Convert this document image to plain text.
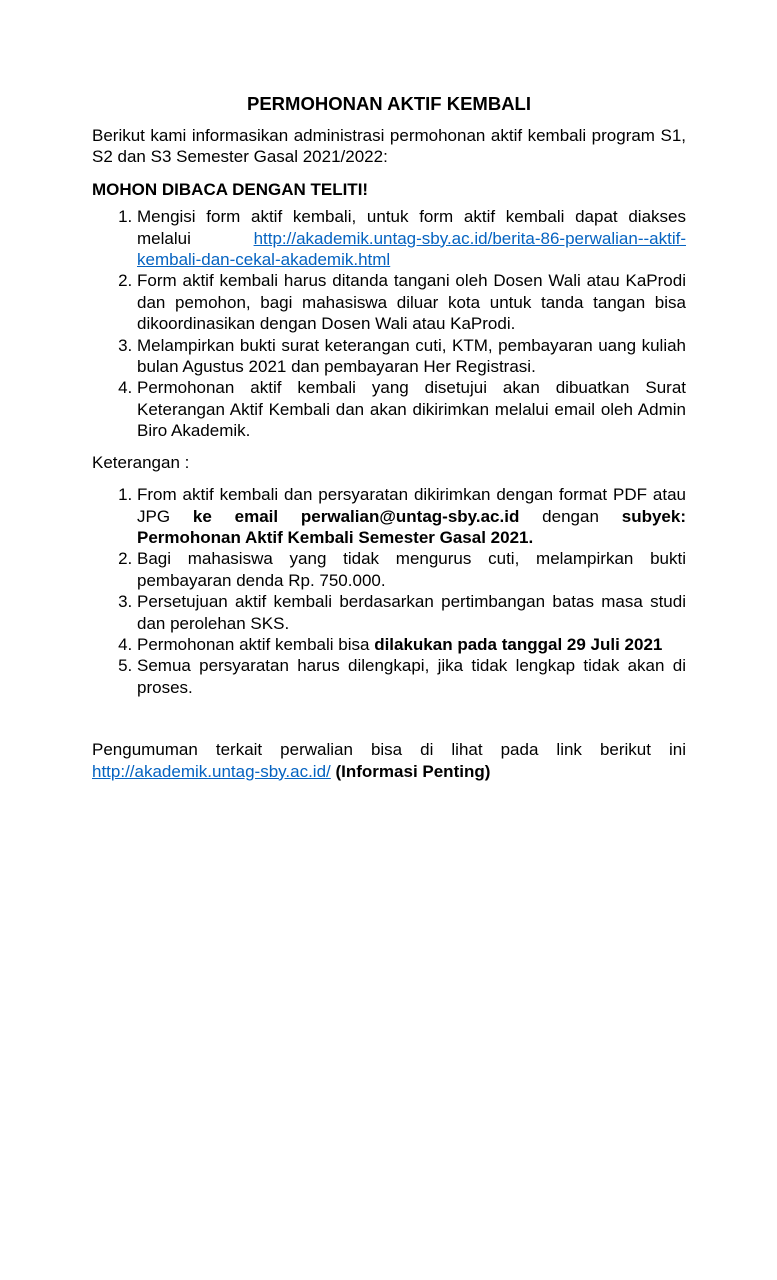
PERMOHONAN AKTIF KEMBALI

Berikut kami informasikan administrasi permohonan aktif kembali program S1, S2 dan S3 Semester Gasal 2021/2022:

MOHON DIBACA DENGAN TELITI!

1. Mengisi form aktif kembali, untuk form aktif kembali dapat diakses melalui http://akademik.untag-sby.ac.id/berita-86-perwalian--aktif-kembali-dan-cekal-akademik.html
2. Form aktif kembali harus ditanda tangani oleh Dosen Wali atau KaProdi dan pemohon, bagi mahasiswa diluar kota untuk tanda tangan bisa dikoordinasikan dengan Dosen Wali atau KaProdi.
3. Melampirkan bukti surat keterangan cuti, KTM, pembayaran uang kuliah bulan Agustus 2021 dan pembayaran Her Registrasi.
4. Permohonan aktif kembali yang disetujui akan dibuatkan Surat Keterangan Aktif Kembali dan akan dikirimkan melalui email oleh Admin Biro Akademik.

Keterangan :

1. From aktif kembali dan persyaratan dikirimkan dengan format PDF atau JPG ke email perwalian@untag-sby.ac.id dengan subyek: Permohonan Aktif Kembali Semester Gasal 2021.
2. Bagi mahasiswa yang tidak mengurus cuti, melampirkan bukti pembayaran denda Rp. 750.000.
3. Persetujuan aktif kembali berdasarkan pertimbangan batas masa studi dan perolehan SKS.
4. Permohonan aktif kembali bisa dilakukan pada tanggal 29 Juli 2021
5. Semua persyaratan harus dilengkapi, jika tidak lengkap tidak akan di proses.

Pengumuman terkait perwalian bisa di lihat pada link berikut ini http://akademik.untag-sby.ac.id/ (Informasi Penting)
